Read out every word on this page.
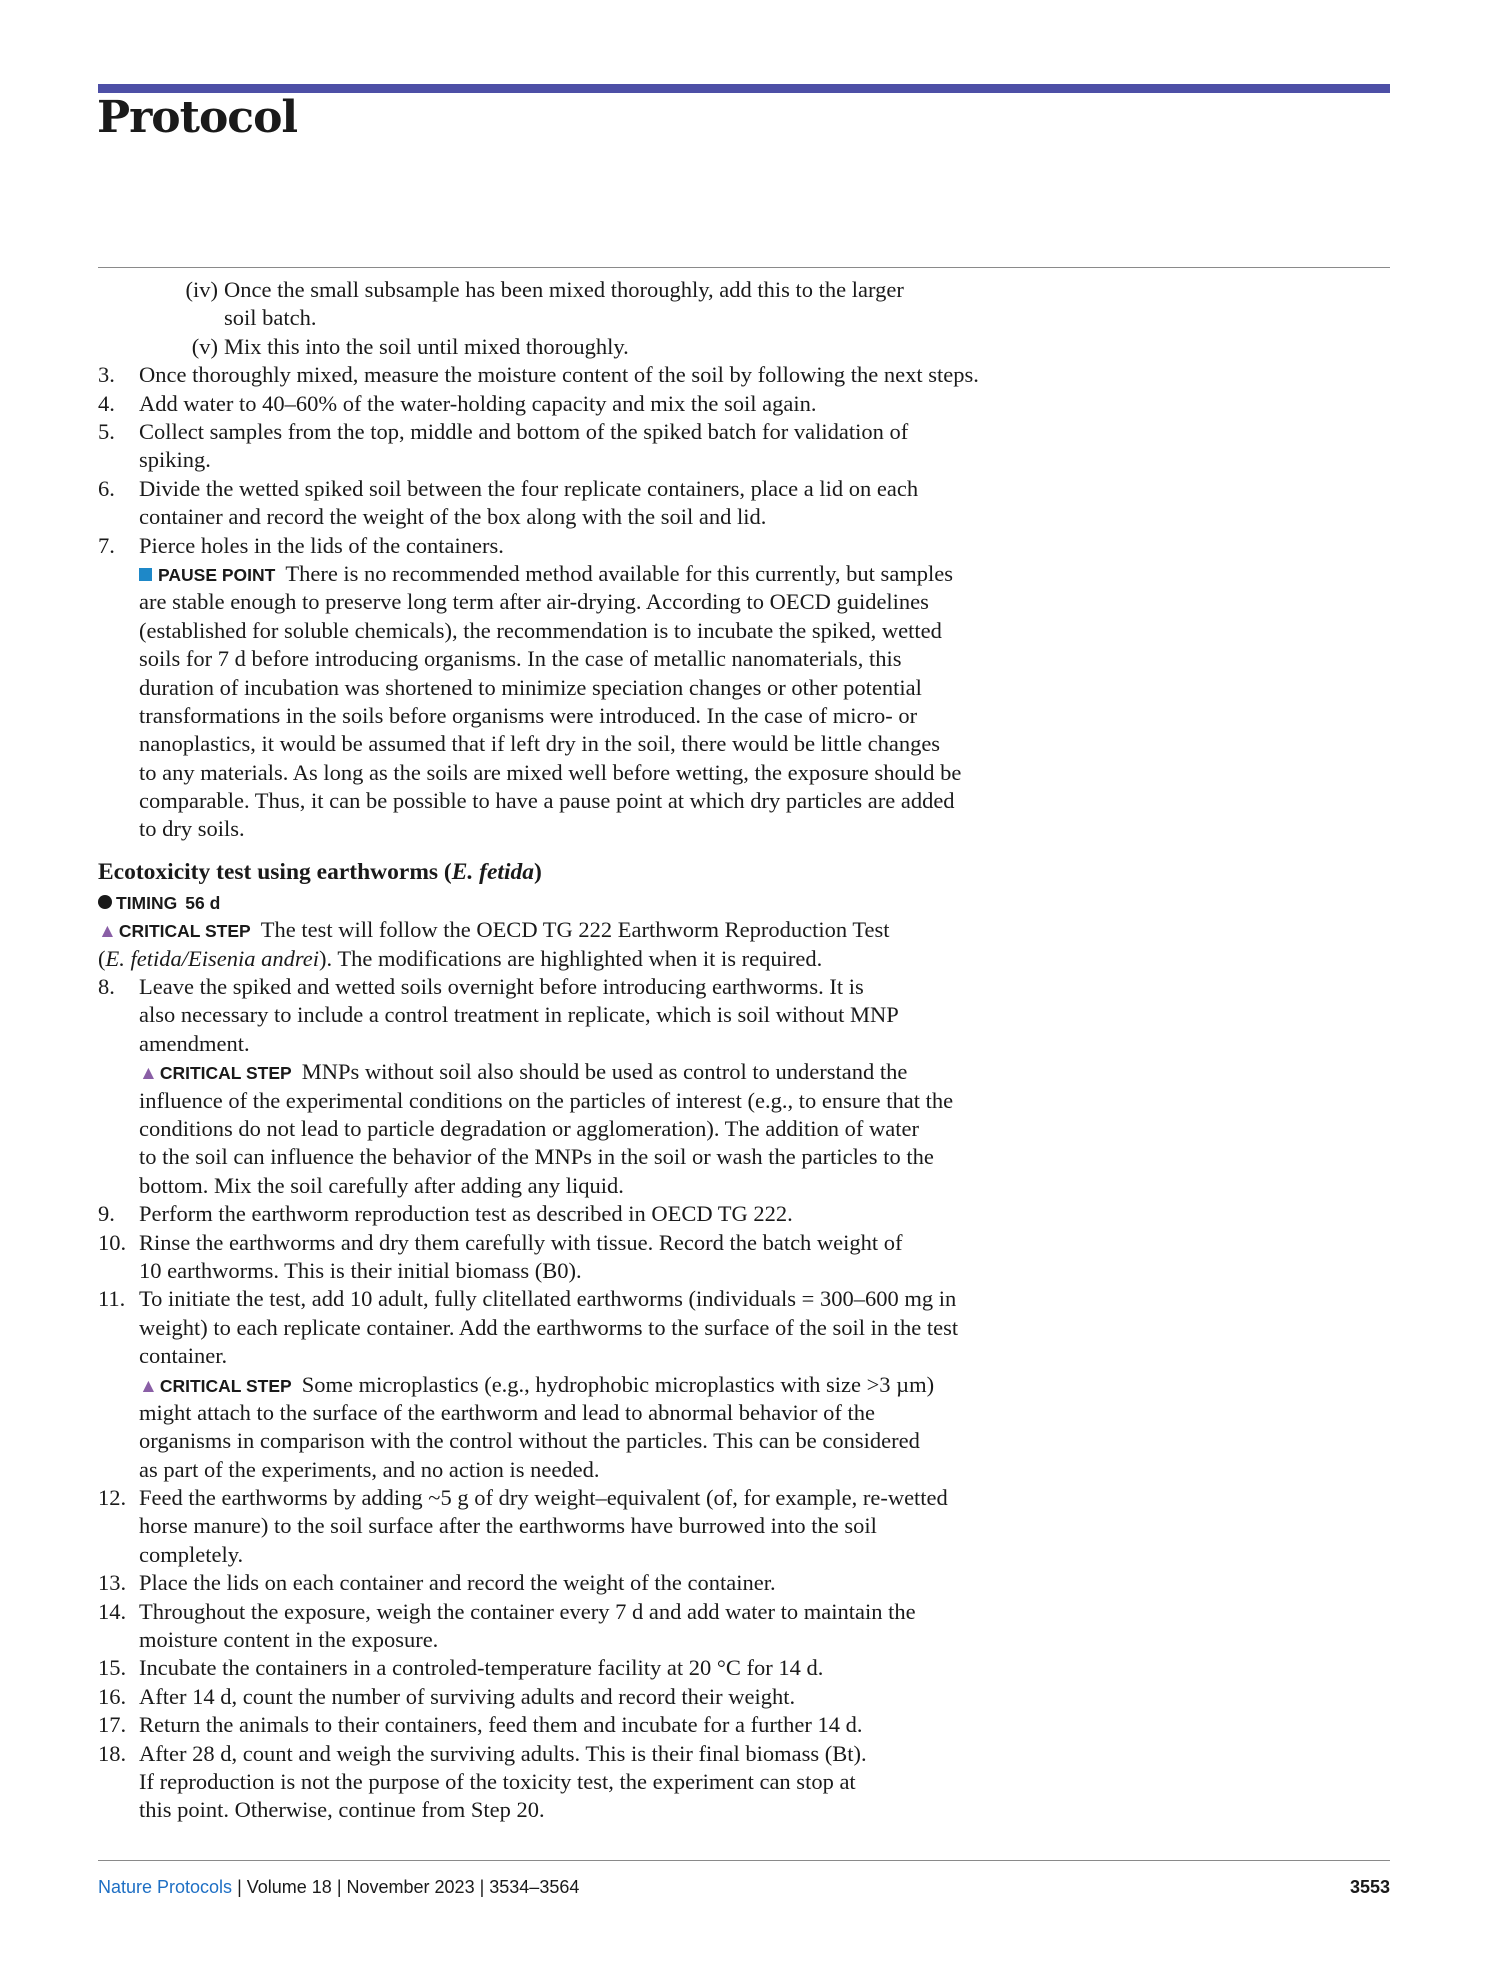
Protocol
(iv) Once the small subsample has been mixed thoroughly, add this to the larger
soil batch.
(v) Mix this into the soil until mixed thoroughly.
3.	Once thoroughly mixed, measure the moisture content of the soil by following the next steps.
4.	Add water to 40–60% of the water-holding capacity and mix the soil again.
5.	Collect samples from the top, middle and bottom of the spiked batch for validation of
spiking.
6.	Divide the wetted spiked soil between the four replicate containers, place a lid on each
container and record the weight of the box along with the soil and lid.
7.	Pierce holes in the lids of the containers.
PAUSE POINT There is no recommended method available for this currently, but samples
are stable enough to preserve long term after air-drying. According to OECD guidelines
(established for soluble chemicals), the recommendation is to incubate the spiked, wetted
soils for 7 d before introducing organisms. In the case of metallic nanomaterials, this
duration of incubation was shortened to minimize speciation changes or other potential
transformations in the soils before organisms were introduced. In the case of micro- or
nanoplastics, it would be assumed that if left dry in the soil, there would be little changes
to any materials. As long as the soils are mixed well before wetting, the exposure should be
comparable. Thus, it can be possible to have a pause point at which dry particles are added
to dry soils.
Ecotoxicity test using earthworms (E. fetida)
TIMING 56 d
▲ CRITICAL STEP The test will follow the OECD TG 222 Earthworm Reproduction Test
(E. fetida/Eisenia andrei). The modifications are highlighted when it is required.
8.	Leave the spiked and wetted soils overnight before introducing earthworms. It is
also necessary to include a control treatment in replicate, which is soil without MNP
amendment.
▲ CRITICAL STEP MNPs without soil also should be used as control to understand the
influence of the experimental conditions on the particles of interest (e.g., to ensure that the
conditions do not lead to particle degradation or agglomeration). The addition of water
to the soil can influence the behavior of the MNPs in the soil or wash the particles to the
bottom. Mix the soil carefully after adding any liquid.
9.	Perform the earthworm reproduction test as described in OECD TG 222.
10. Rinse the earthworms and dry them carefully with tissue. Record the batch weight of
10 earthworms. This is their initial biomass (B0).
11. To initiate the test, add 10 adult, fully clitellated earthworms (individuals = 300–600 mg in
weight) to each replicate container. Add the earthworms to the surface of the soil in the test
container.
▲ CRITICAL STEP Some microplastics (e.g., hydrophobic microplastics with size >3 µm)
might attach to the surface of the earthworm and lead to abnormal behavior of the
organisms in comparison with the control without the particles. This can be considered
as part of the experiments, and no action is needed.
12. Feed the earthworms by adding ~5 g of dry weight–equivalent (of, for example, re-wetted
horse manure) to the soil surface after the earthworms have burrowed into the soil
completely.
13. Place the lids on each container and record the weight of the container.
14. Throughout the exposure, weigh the container every 7 d and add water to maintain the
moisture content in the exposure.
15. Incubate the containers in a controled-temperature facility at 20 °C for 14 d.
16. After 14 d, count the number of surviving adults and record their weight.
17. Return the animals to their containers, feed them and incubate for a further 14 d.
18. After 28 d, count and weigh the surviving adults. This is their final biomass (Bt).
If reproduction is not the purpose of the toxicity test, the experiment can stop at
this point. Otherwise, continue from Step 20.
Nature Protocols | Volume 18 | November 2023 | 3534–3564	3553
